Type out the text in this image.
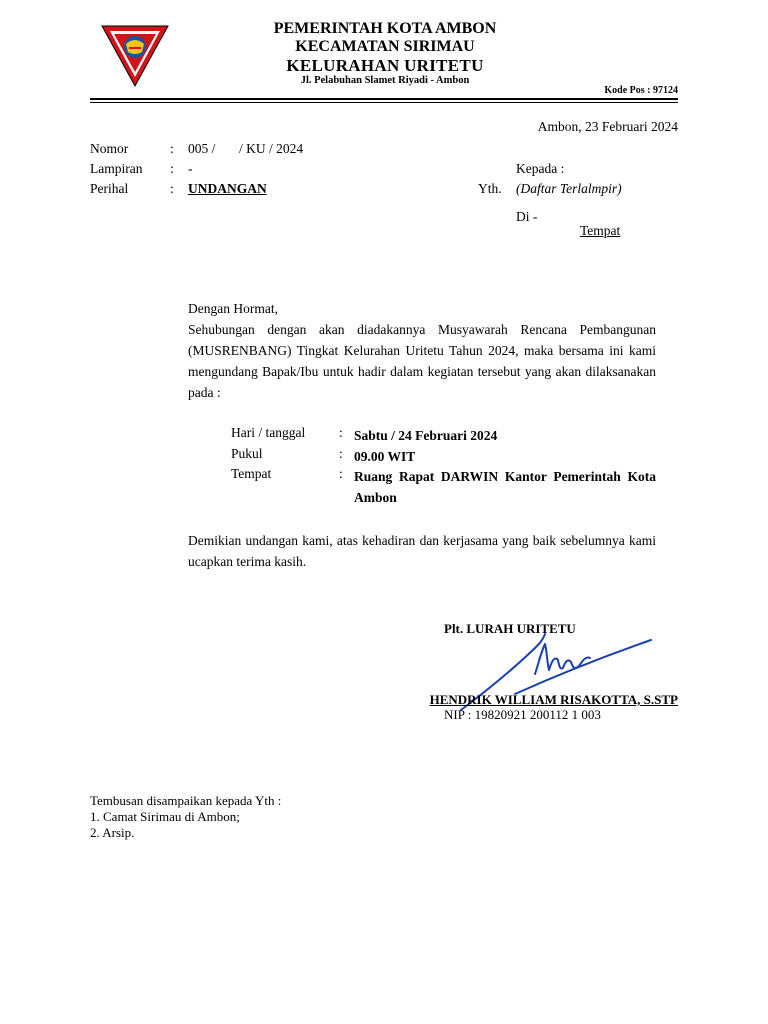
PEMERINTAH KOTA AMBON
KECAMATAN SIRIMAU
KELURAHAN URITETU
Jl. Pelabuhan Slamet Riyadi - Ambon
Kode Pos : 97124
Ambon, 23 Februari 2024
Nomor	: 005 /       / KU / 2024
Lampiran : -
Perihal	: UNDANGAN
Kepada :
Yth. (Daftar Terlalmpir)
Di -
Tempat
Dengan Hormat,
Sehubungan dengan akan diadakannya Musyawarah Rencana Pembangunan (MUSRENBANG) Tingkat Kelurahan Uritetu Tahun 2024, maka bersama ini kami mengundang Bapak/Ibu untuk hadir dalam kegiatan tersebut yang akan dilaksanakan pada :
Hari / tanggal	: Sabtu / 24 Februari 2024
Pukul	: 09.00 WIT
Tempat	: Ruang Rapat DARWIN Kantor Pemerintah Kota Ambon
Demikian undangan kami, atas kehadiran dan kerjasama yang baik sebelumnya kami ucapkan terima kasih.
Plt. LURAH URITETU
HENDRIK WILLIAM RISAKOTTA, S.STP
NIP : 19820921 200112 1 003
Tembusan disampaikan kepada Yth :
1. Camat Sirimau di Ambon;
2. Arsip.
